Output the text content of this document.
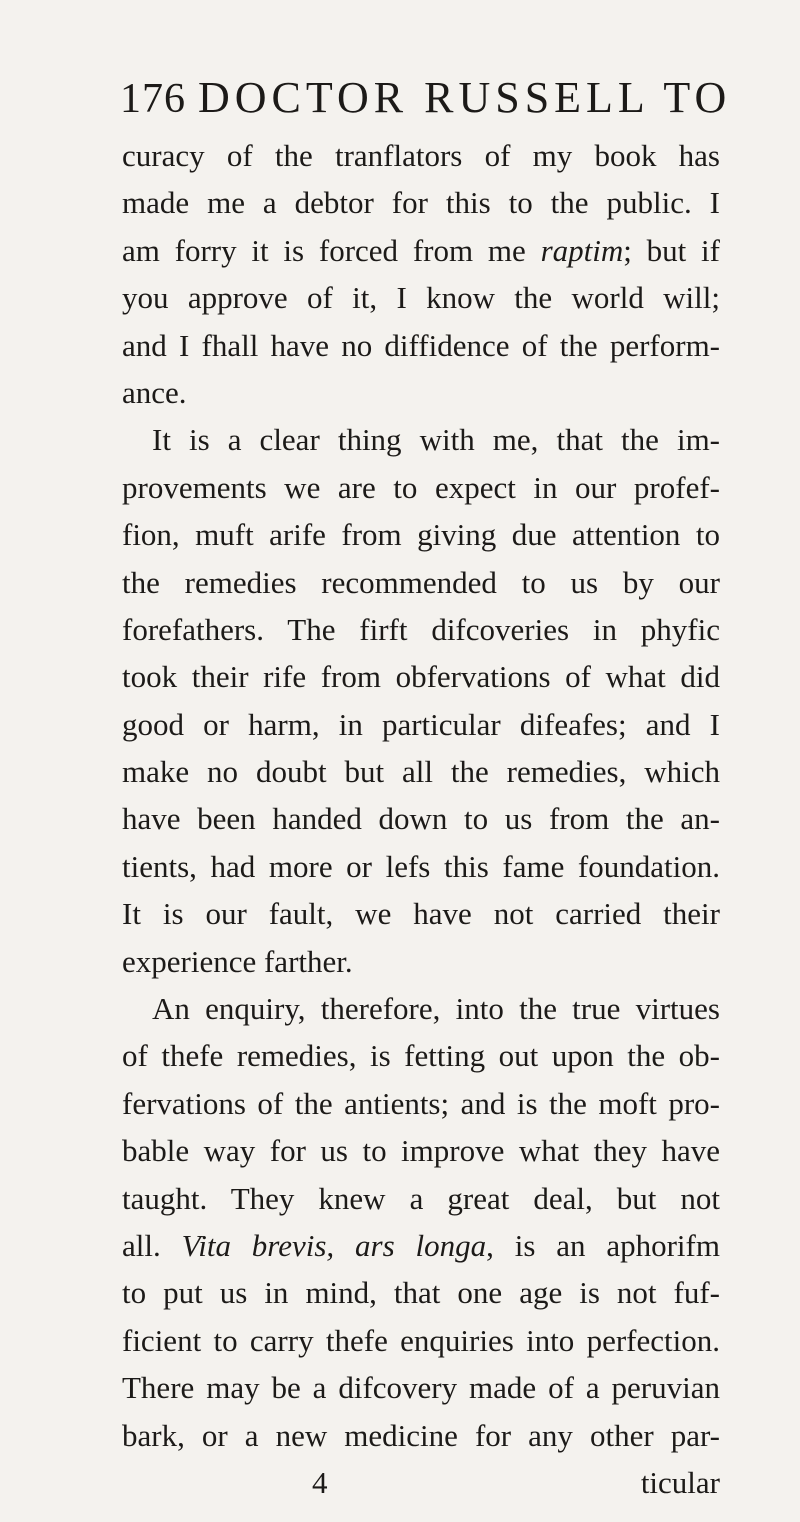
176 DOCTOR RUSSELL TO
curacy of the tranflators of my book has
made me a debtor for this to the public. I
am forry it is forced from me raptim; but if
you approve of it, I know the world will;
and I fhall have no diffidence of the perform-
ance.
It is a clear thing with me, that the im-
provements we are to expect in our profef-
fion, muft arife from giving due attention to
the remedies recommended to us by our
forefathers. The firft difcoveries in phyfic
took their rife from obfervations of what did
good or harm, in particular difeafes; and I
make no doubt but all the remedies, which
have been handed down to us from the an-
tients, had more or lefs this fame foundation.
It is our fault, we have not carried their
experience farther.
An enquiry, therefore, into the true virtues
of thefe remedies, is fetting out upon the ob-
fervations of the antients; and is the moft pro-
bable way for us to improve what they have
taught. They knew a great deal, but not
all. Vita brevis, ars longa, is an aphorifm
to put us in mind, that one age is not fuf-
ficient to carry thefe enquiries into perfection.
There may be a difcovery made of a peruvian
bark, or a new medicine for any other par-
4	ticular
